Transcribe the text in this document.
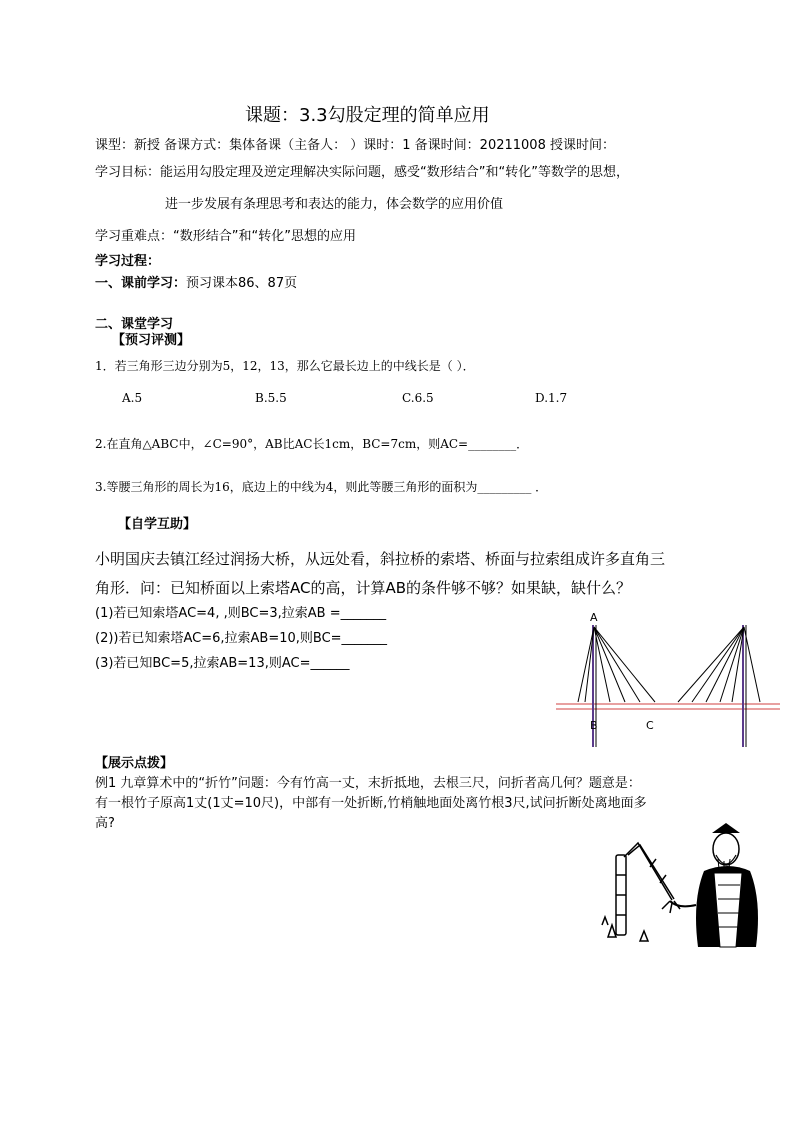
课题：3.3勾股定理的简单应用
课型：新授 备课方式：集体备课（主备人： ）课时：1 备课时间：20211008 授课时间：
学习目标：能运用勾股定理及逆定理解决实际问题，感受“数形结合”和“转化”等数学的思想，
进一步发展有条理思考和表达的能力，体会数学的应用价值
学习重难点：“数形结合”和“转化”思想的应用
学习过程：
一、课前学习：预习课本86、87页
二、课堂学习
【预习评测】
1．若三角形三边分别为5，12，13，那么它最长边上的中线长是（ ）．
A.5	B.5.5	C.6.5	D.1.7
2.在直角△ABC中，∠C=90°，AB比AC长1cm，BC=7cm，则AC=________．
3.等腰三角形的周长为16，底边上的中线为4，则此等腰三角形的面积为_________ ．
【自学互助】
小明国庆去镇江经过润扬大桥，从远处看，斜拉桥的索塔、桥面与拉索组成许多直角三
角形．问：已知桥面以上索塔AC的高，计算AB的条件够不够？如果缺，缺什么？
(1)若已知索塔AC=4, ,则BC=3,拉索AB =_______
(2))若已知索塔AC=6,拉索AB=10,则BC=_______
(3)若已知BC=5,拉索AB=13,则AC=______
A
B	C
【展示点拨】
例1 九章算术中的“折竹”问题：今有竹高一丈，末折抵地，去根三尺，问折者高几何？题意是：
有一根竹子原高1丈(1丈=10尺)，中部有一处折断,竹梢触地面处离竹根3尺,试问折断处离地面多
高?
